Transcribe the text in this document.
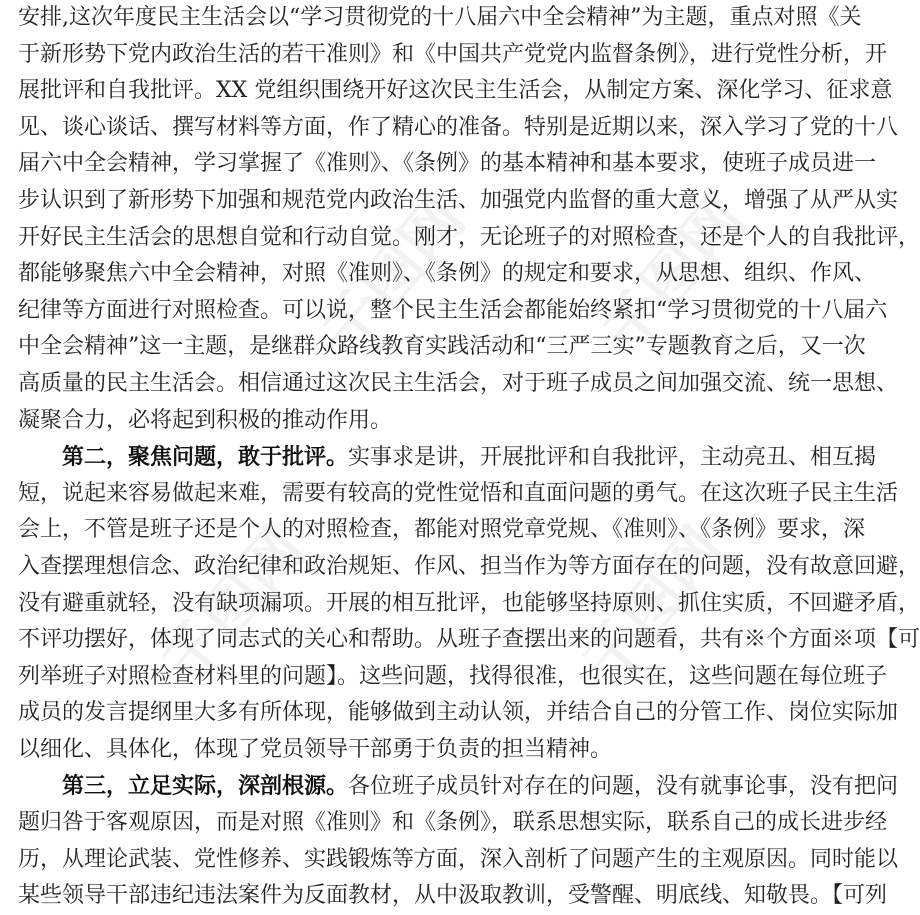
千图网 千图网
千图网	千图网
安排,这次年度民主生活会以“学习贯彻党的十八届六中全会精神”为主题，重点对照《关
于新形势下党内政治生活的若干准则》和《中国共产党党内监督条例》，进行党性分析，开
展批评和自我批评。XX 党组织围绕开好这次民主生活会，从制定方案、深化学习、征求意
见、谈心谈话、撰写材料等方面，作了精心的准备。特别是近期以来，深入学习了党的十八
届六中全会精神，学习掌握了《准则》、《条例》的基本精神和基本要求，使班子成员进一
步认识到了新形势下加强和规范党内政治生活、加强党内监督的重大意义，增强了从严从实
开好民主生活会的思想自觉和行动自觉。刚才，无论班子的对照检查，还是个人的自我批评，
都能够聚焦六中全会精神，对照《准则》、《条例》的规定和要求，从思想、组织、作风、
纪律等方面进行对照检查。可以说，整个民主生活会都能始终紧扣“学习贯彻党的十八届六
中全会精神”这一主题，是继群众路线教育实践活动和“三严三实”专题教育之后，又一次
高质量的民主生活会。相信通过这次民主生活会，对于班子成员之间加强交流、统一思想、
凝聚合力，必将起到积极的推动作用。
第二，聚焦问题，敢于批评。实事求是讲，开展批评和自我批评，主动亮丑、相互揭
短，说起来容易做起来难，需要有较高的党性觉悟和直面问题的勇气。在这次班子民主生活
会上，不管是班子还是个人的对照检查，都能对照党章党规、《准则》、《条例》要求，深
入查摆理想信念、政治纪律和政治规矩、作风、担当作为等方面存在的问题，没有故意回避，
没有避重就轻，没有缺项漏项。开展的相互批评，也能够坚持原则、抓住实质，不回避矛盾，
不评功摆好，体现了同志式的关心和帮助。从班子查摆出来的问题看，共有※个方面※项【可
列举班子对照检查材料里的问题】。这些问题，找得很准，也很实在，这些问题在每位班子
成员的发言提纲里大多有所体现，能够做到主动认领，并结合自己的分管工作、岗位实际加
以细化、具体化，体现了党员领导干部勇于负责的担当精神。
第三，立足实际，深剖根源。各位班子成员针对存在的问题，没有就事论事，没有把问
题归咎于客观原因，而是对照《准则》和《条例》，联系思想实际，联系自己的成长进步经
历，从理论武装、党性修养、实践锻炼等方面，深入剖析了问题产生的主观原因。同时能以
某些领导干部违纪违法案件为反面教材，从中汲取教训，受警醒、明底线、知敬畏。【可列
